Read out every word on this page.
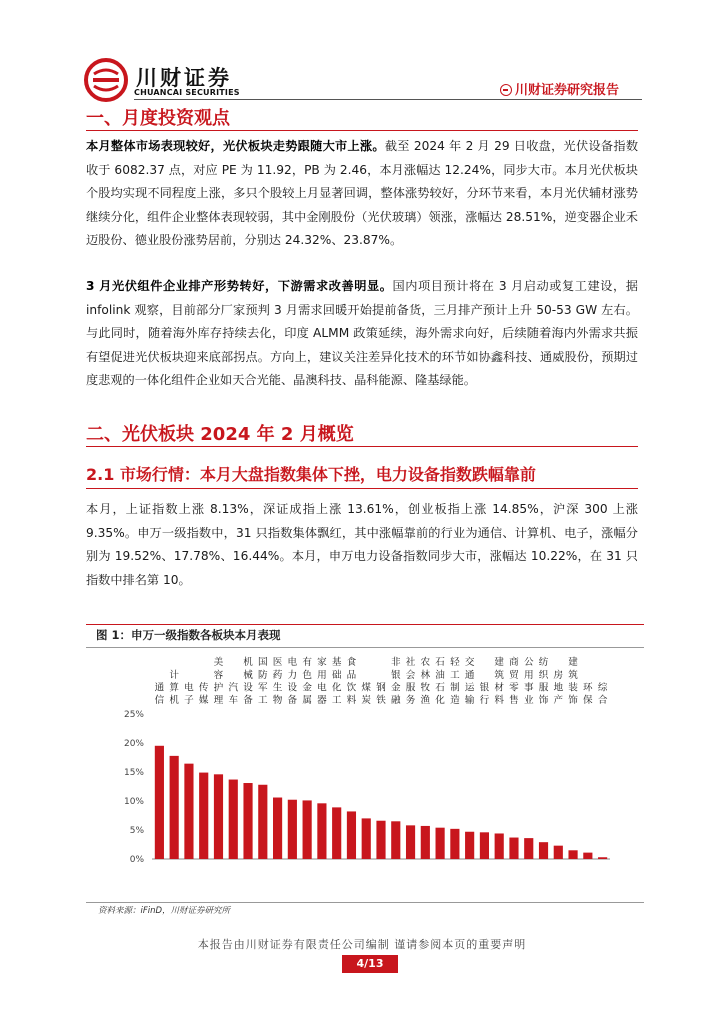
川财证券
CHUANCAI SECURITIES	川财证券研究报告
一、月度投资观点
本月整体市场表现较好，光伏板块走势跟随大市上涨。截至 2024 年 2 月 29 日收盘，光伏设备指数收于 6082.37 点，对应 PE 为 11.92，PB 为 2.46，本月涨幅达 12.24%，同步大市。本月光伏板块个股均实现不同程度上涨，多只个股较上月显著回调，整体涨势较好，分环节来看，本月光伏辅材涨势继续分化，组件企业整体表现较弱，其中金刚股份（光伏玻璃）领涨，涨幅达 28.51%，逆变器企业禾迈股份、德业股份涨势居前，分别达 24.32%、23.87%。
3 月光伏组件企业排产形势转好，下游需求改善明显。国内项目预计将在 3 月启动或复工建设，据 infolink 观察，目前部分厂家预判 3 月需求回暖开始提前备货，三月排产预计上升 50-53 GW 左右。与此同时，随着海外库存持续去化，印度 ALMM 政策延续，海外需求向好，后续随着海内外需求共振有望促进光伏板块迎来底部拐点。方向上，建议关注差异化技术的环节如协鑫科技、通威股份，预期过度悲观的一体化组件企业如天合光能、晶澳科技、晶科能源、隆基绿能。
二、光伏板块 2024 年 2 月概览
2.1 市场行情：本月大盘指数集体下挫，电力设备指数跌幅靠前
本月，上证指数上涨 8.13%，深证成指上涨 13.61%，创业板指上涨 14.85%，沪深 300 上涨 9.35%。申万一级指数中，31 只指数集体飘红，其中涨幅靠前的行业为通信、计算机、电子，涨幅分别为 19.52%、17.78%、16.44%。本月，申万电力设备指数同步大市，涨幅达 10.22%，在 31 只指数中排名第 10。
图 1：申万一级指数各板块本月表现
0%
5%
10%
15%
20%
25%
通信
计算机
电子
传媒
美容护理
汽车
机械设备
国防军工
医药生物
电力设备
有色金属
家用电器
基础化工
食品饮料
煤炭
钢铁
非银金融
社会服务
农林牧渔
石油石化
轻工制造
交通运输
银行
建筑材料
商贸零售
公用事业
纺织服饰
房地产
建筑装饰
环保
综合
资料来源：iFinD，川财证券研究所
本报告由川财证券有限责任公司编制 谨请参阅本页的重要声明
4/13
